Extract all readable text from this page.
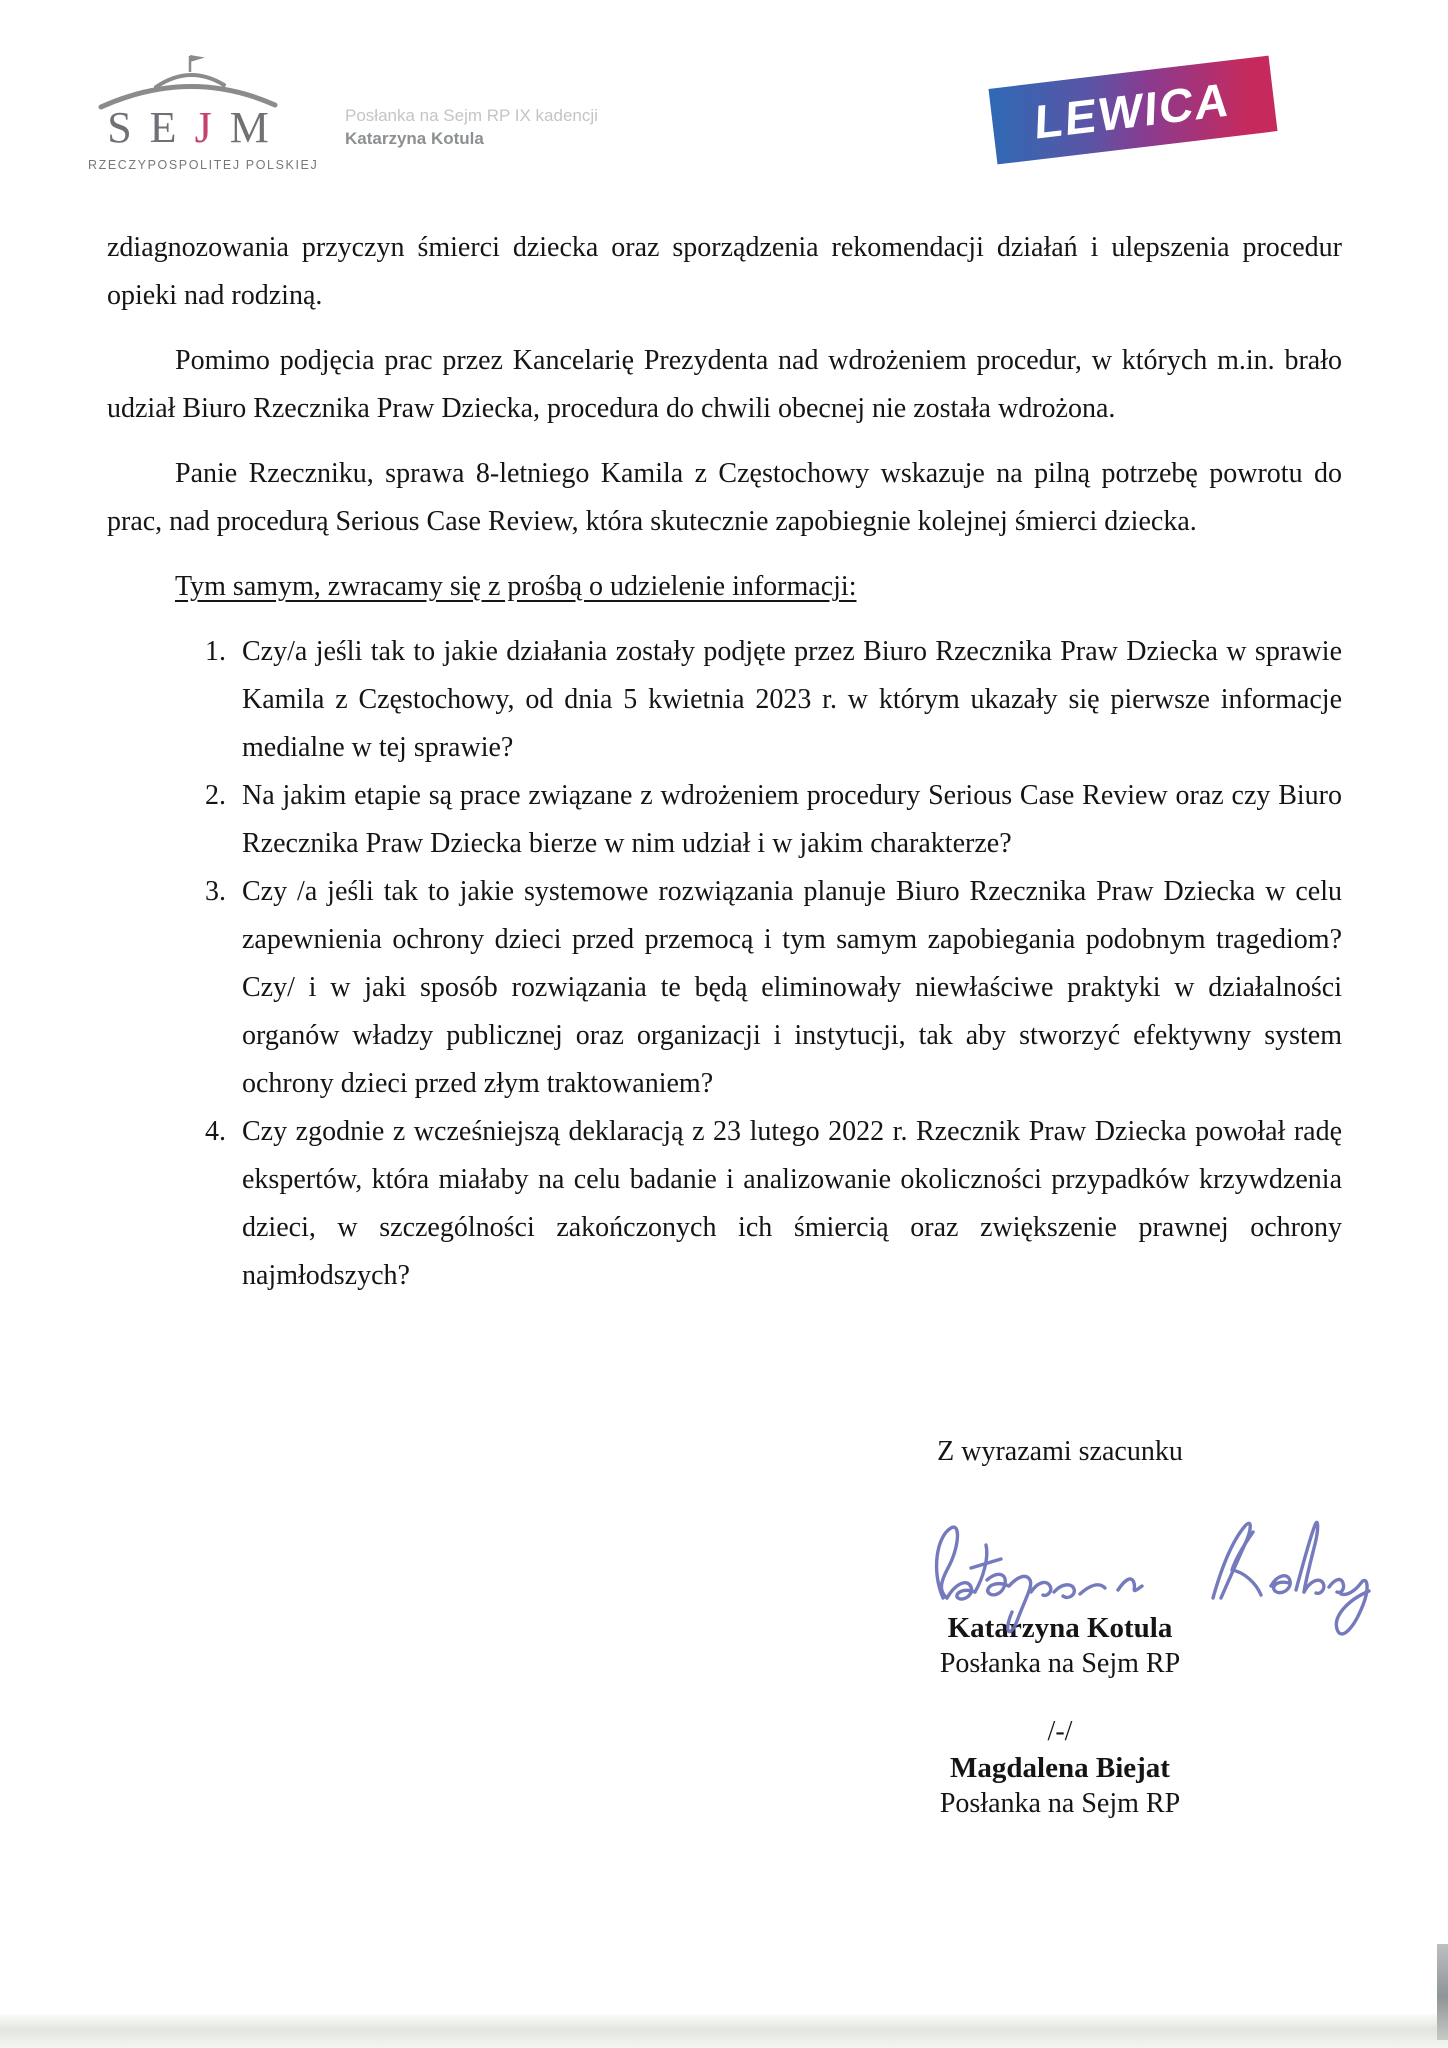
SEJM
RZECZYPOSPOLITEJ POLSKIEJ
Posłanka na Sejm RP IX kadencji
Katarzyna Kotula	LEWICA

zdiagnozowania przyczyn śmierci dziecka oraz sporządzenia rekomendacji działań i ulepszenia procedur opieki nad rodziną.

Pomimo podjęcia prac przez Kancelarię Prezydenta nad wdrożeniem procedur, w których m.in. brało udział Biuro Rzecznika Praw Dziecka, procedura do chwili obecnej nie została wdrożona.

Panie Rzeczniku, sprawa 8-letniego Kamila z Częstochowy wskazuje na pilną potrzebę powrotu do prac, nad procedurą Serious Case Review, która skutecznie zapobiegnie kolejnej śmierci dziecka.

Tym samym, zwracamy się z prośbą o udzielenie informacji:

1. Czy/a jeśli tak to jakie działania zostały podjęte przez Biuro Rzecznika Praw Dziecka w sprawie Kamila z Częstochowy, od dnia 5 kwietnia 2023 r. w którym ukazały się pierwsze informacje medialne w tej sprawie?
2. Na jakim etapie są prace związane z wdrożeniem procedury Serious Case Review oraz czy Biuro Rzecznika Praw Dziecka bierze w nim udział i w jakim charakterze?
3. Czy /a jeśli tak to jakie systemowe rozwiązania planuje Biuro Rzecznika Praw Dziecka w celu zapewnienia ochrony dzieci przed przemocą i tym samym zapobiegania podobnym tragediom? Czy/ i w jaki sposób rozwiązania te będą eliminowały niewłaściwe praktyki w działalności organów władzy publicznej oraz organizacji i instytucji, tak aby stworzyć efektywny system ochrony dzieci przed złym traktowaniem?
4. Czy zgodnie z wcześniejszą deklaracją z 23 lutego 2022 r. Rzecznik Praw Dziecka powołał radę ekspertów, która miałaby na celu badanie i analizowanie okoliczności przypadków krzywdzenia dzieci, w szczególności zakończonych ich śmiercią oraz zwiększenie prawnej ochrony najmłodszych?
Z wyrazami szacunku
Katarzyna Kotula
Posłanka na Sejm RP
/-/
Magdalena Biejat
Posłanka na Sejm RP
